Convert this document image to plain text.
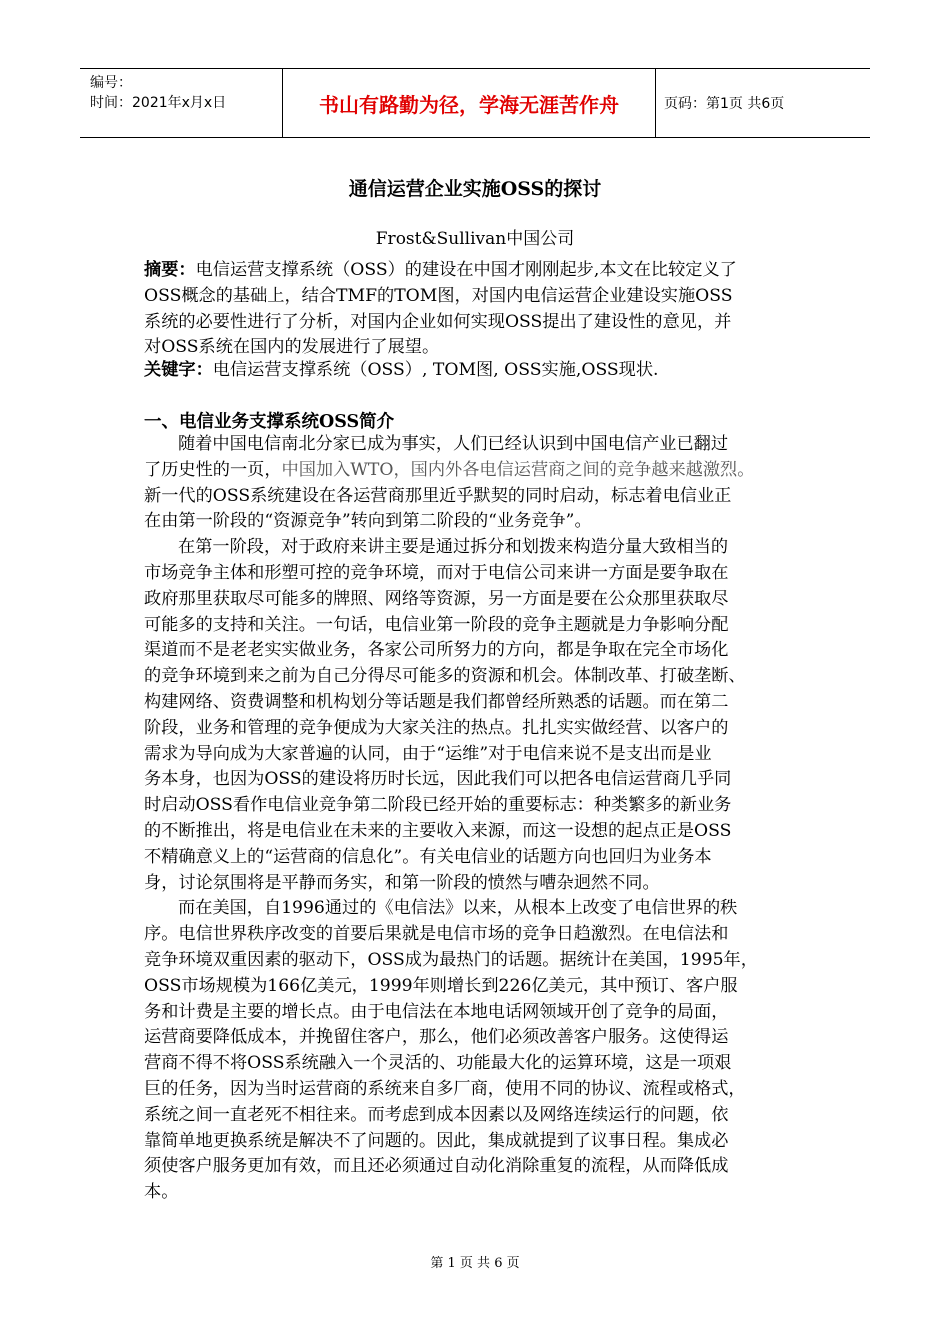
编号：
时间：2021年x月x日	书山有路勤为径，学海无涯苦作舟	页码：第1页 共6页
通信运营企业实施OSS的探讨
Frost&Sullivan中国公司
摘要：电信运营支撑系统（OSS）的建设在中国才刚刚起步,本文在比较定义了
OSS概念的基础上，结合TMF的TOM图，对国内电信运营企业建设实施OSS
系统的必要性进行了分析，对国内企业如何实现OSS提出了建设性的意见，并
对OSS系统在国内的发展进行了展望。
关键字：电信运营支撑系统（OSS）, TOM图, OSS实施,OSS现状.
一、电信业务支撑系统OSS简介
随着中国电信南北分家已成为事实，人们已经认识到中国电信产业已翻过
了历史性的一页，中国加入WTO，国内外各电信运营商之间的竞争越来越激烈。
新一代的OSS系统建设在各运营商那里近乎默契的同时启动，标志着电信业正
在由第一阶段的“资源竞争”转向到第二阶段的“业务竞争”。
在第一阶段，对于政府来讲主要是通过拆分和划拨来构造分量大致相当的
市场竞争主体和形塑可控的竞争环境，而对于电信公司来讲一方面是要争取在
政府那里获取尽可能多的牌照、网络等资源，另一方面是要在公众那里获取尽
可能多的支持和关注。一句话，电信业第一阶段的竞争主题就是力争影响分配
渠道而不是老老实实做业务，各家公司所努力的方向，都是争取在完全市场化
的竞争环境到来之前为自己分得尽可能多的资源和机会。体制改革、打破垄断、
构建网络、资费调整和机构划分等话题是我们都曾经所熟悉的话题。而在第二
阶段，业务和管理的竞争便成为大家关注的热点。扎扎实实做经营、以客户的
需求为导向成为大家普遍的认同，由于“运维”对于电信来说不是支出而是业
务本身，也因为OSS的建设将历时长远，因此我们可以把各电信运营商几乎同
时启动OSS看作电信业竞争第二阶段已经开始的重要标志：种类繁多的新业务
的不断推出，将是电信业在未来的主要收入来源，而这一设想的起点正是OSS
不精确意义上的“运营商的信息化”。有关电信业的话题方向也回归为业务本
身，讨论氛围将是平静而务实，和第一阶段的愤然与嘈杂迥然不同。
而在美国，自1996通过的《电信法》以来，从根本上改变了电信世界的秩
序。电信世界秩序改变的首要后果就是电信市场的竞争日趋激烈。在电信法和
竞争环境双重因素的驱动下，OSS成为最热门的话题。据统计在美国，1995年，
OSS市场规模为166亿美元，1999年则增长到226亿美元，其中预订、客户服
务和计费是主要的增长点。由于电信法在本地电话网领域开创了竞争的局面，
运营商要降低成本，并挽留住客户，那么，他们必须改善客户服务。这使得运
营商不得不将OSS系统融入一个灵活的、功能最大化的运算环境，这是一项艰
巨的任务，因为当时运营商的系统来自多厂商，使用不同的协议、流程或格式，
系统之间一直老死不相往来。而考虑到成本因素以及网络连续运行的问题，依
靠简单地更换系统是解决不了问题的。因此，集成就提到了议事日程。集成必
须使客户服务更加有效，而且还必须通过自动化消除重复的流程，从而降低成
本。
第 1 页 共 6 页
